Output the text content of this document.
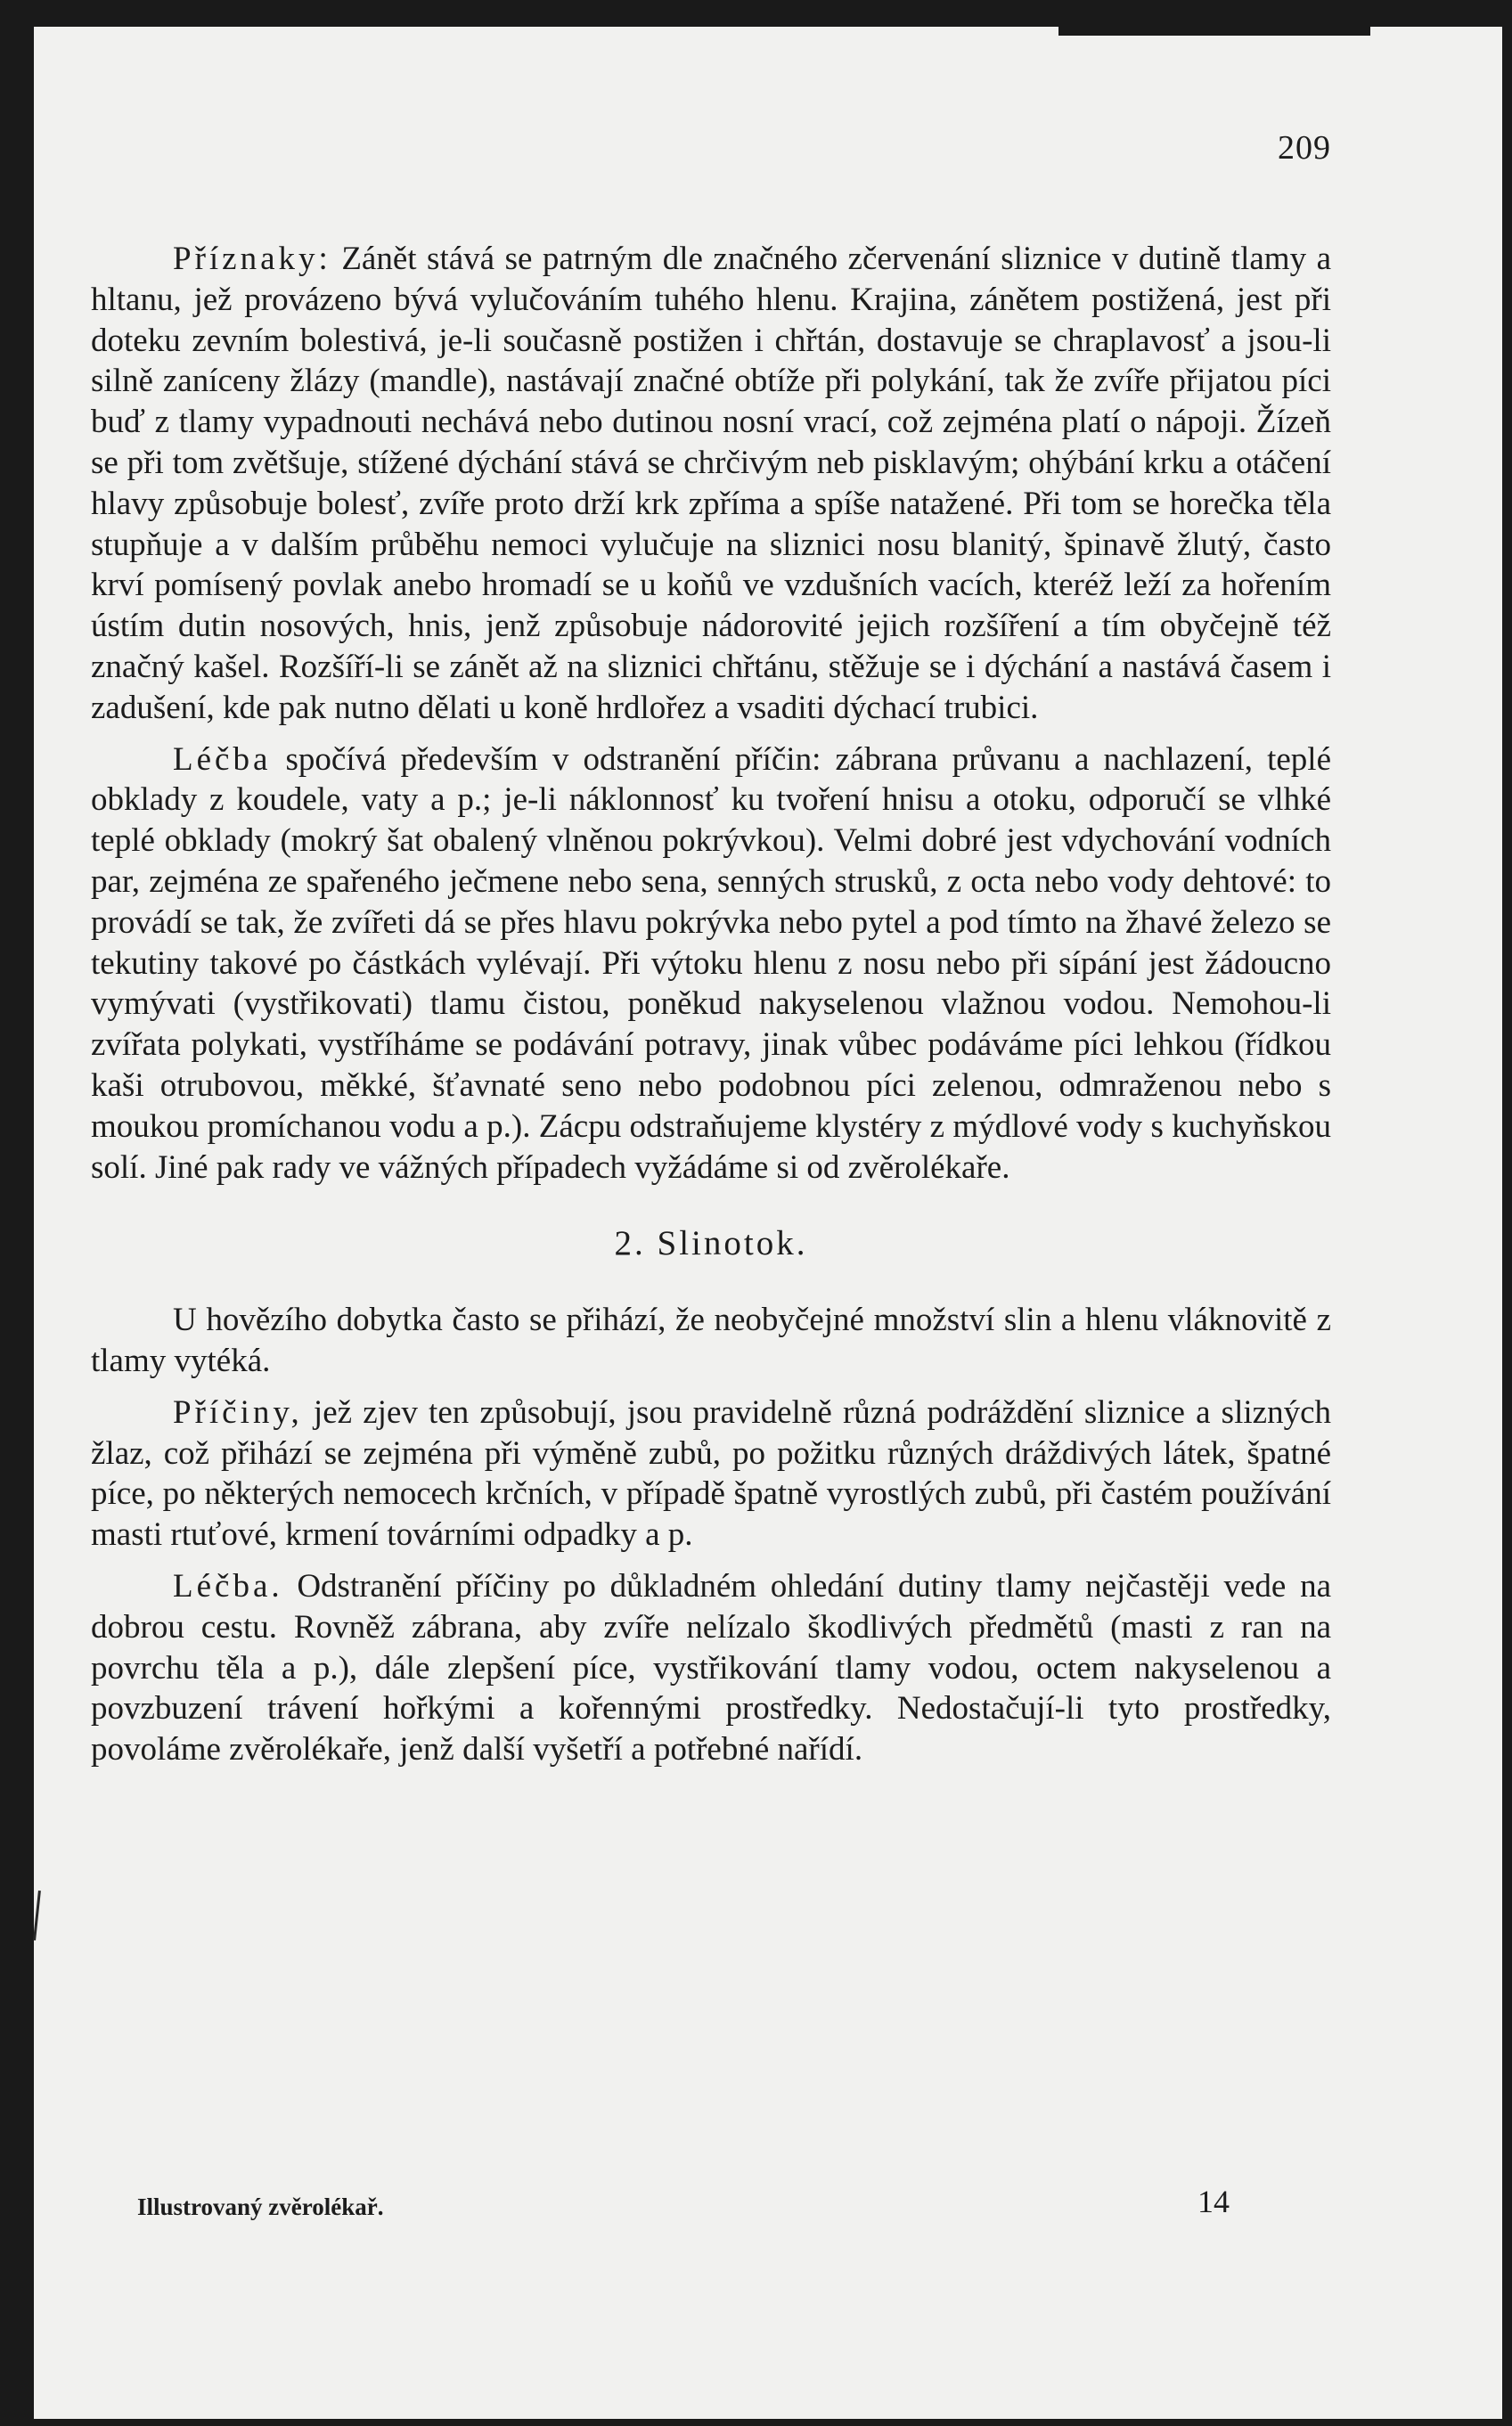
209

Příznaky: Zánět stává se patrným dle značného zčervenání sliznice v dutině tlamy a hltanu, jež provázeno bývá vylučováním tuhého hlenu. Krajina, zánětem postižená, jest při doteku zevním bolestivá, je-li současně postižen i chřtán, dostavuje se chraplavosť a jsou-li silně zaníceny žlázy (mandle), nastávají značné obtíže při polykání, tak že zvíře přijatou píci buď z tlamy vypadnouti nechává nebo dutinou nosní vrací, což zejména platí o nápoji. Žízeň se při tom zvětšuje, stížené dýchání stává se chrčivým neb pisklavým; ohýbání krku a otáčení hlavy způsobuje bolesť, zvíře proto drží krk zpříma a spíše natažené. Při tom se horečka těla stupňuje a v dalším průběhu nemoci vylučuje na sliznici nosu blanitý, špinavě žlutý, často krví pomísený povlak anebo hromadí se u koňů ve vzdušních vacích, kteréž leží za hořením ústím dutin nosových, hnis, jenž způsobuje nádorovité jejich rozšíření a tím obyčejně též značný kašel. Rozšíří-li se zánět až na sliznici chřtánu, stěžuje se i dýchání a nastává časem i zadušení, kde pak nutno dělati u koně hrdlořez a vsaditi dýchací trubici.

Léčba spočívá především v odstranění příčin: zábrana průvanu a nachlazení, teplé obklady z koudele, vaty a p.; je-li náklonnosť ku tvoření hnisu a otoku, odporučí se vlhké teplé obklady (mokrý šat obalený vlněnou pokrývkou). Velmi dobré jest vdychování vodních par, zejména ze spařeného ječmene nebo sena, senných strusků, z octa nebo vody dehtové: to provádí se tak, že zvířeti dá se přes hlavu pokrývka nebo pytel a pod tímto na žhavé železo se tekutiny takové po částkách vylévají. Při výtoku hlenu z nosu nebo při sípání jest žádoucno vymývati (vystřikovati) tlamu čistou, poněkud nakyselenou vlažnou vodou. Nemohou-li zvířata polykati, vystříháme se podávání potravy, jinak vůbec podáváme píci lehkou (řídkou kaši otrubovou, měkké, šťavnaté seno nebo podobnou píci zelenou, odmraženou nebo s moukou promíchanou vodu a p.). Zácpu odstraňujeme klystéry z mýdlové vody s kuchyňskou solí. Jiné pak rady ve vážných případech vyžádáme si od zvěrolékaře.

2. Slinotok.

U hovězího dobytka často se přihází, že neobyčejné množství slin a hlenu vláknovitě z tlamy vytéká.

Příčiny, jež zjev ten způsobují, jsou pravidelně různá podráždění sliznice a slizných žlaz, což přihází se zejména při výměně zubů, po požitku různých dráždivých látek, špatné píce, po některých nemocech krčních, v případě špatně vyrostlých zubů, při častém používání masti rtuťové, krmení továrními odpadky a p.

Léčba. Odstranění příčiny po důkladném ohledání dutiny tlamy nejčastěji vede na dobrou cestu. Rovněž zábrana, aby zvíře nelízalo škodlivých předmětů (masti z ran na povrchu těla a p.), dále zlepšení píce, vystřikování tlamy vodou, octem nakyselenou a povzbuzení trávení hořkými a kořennými prostředky. Nedostačují-li tyto prostředky, povoláme zvěrolékaře, jenž další vyšetří a potřebné nařídí.

Illustrovaný zvěrolékař.	14
